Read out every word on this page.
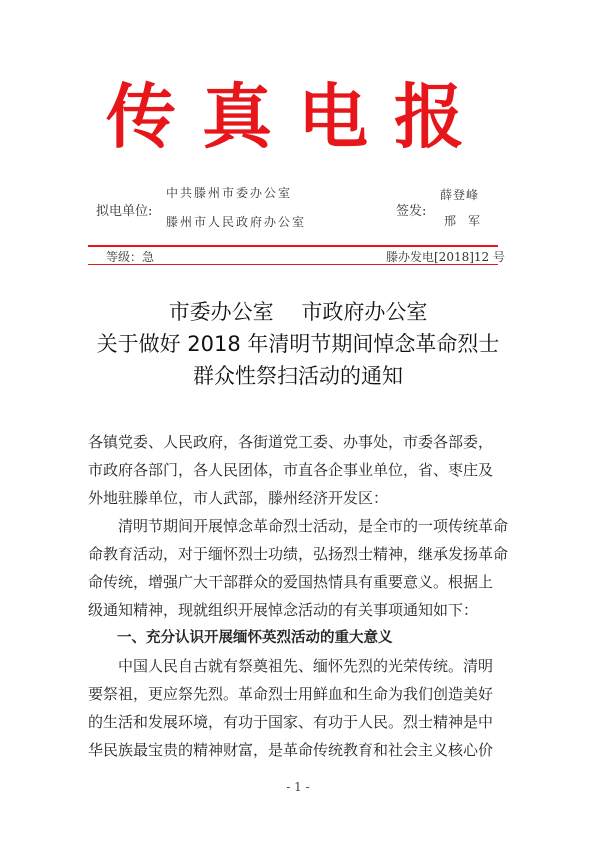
传真电报
拟电单位:
中共滕州市委办公室
滕州市人民政府办公室
签发:
薛登峰
邢　军
等级：急	滕办发电[2018]12 号
市委办公室　 市政府办公室
关于做好 2018 年清明节期间悼念革命烈士
群众性祭扫活动的通知
各镇党委、人民政府，各街道党工委、办事处，市委各部委，
市政府各部门，各人民团体，市直各企事业单位，省、枣庄及
外地驻滕单位，市人武部，滕州经济开发区：
　　清明节期间开展悼念革命烈士活动，是全市的一项传统革命
命教育活动，对于缅怀烈士功绩，弘扬烈士精神，继承发扬革命
命传统，增强广大干部群众的爱国热情具有重要意义。根据上
级通知精神，现就组织开展悼念活动的有关事项通知如下：
　　一、充分认识开展缅怀英烈活动的重大意义
　　中国人民自古就有祭奠祖先、缅怀先烈的光荣传统。清明
要祭祖，更应祭先烈。革命烈士用鲜血和生命为我们创造美好
的生活和发展环境，有功于国家、有功于人民。烈士精神是中
华民族最宝贵的精神财富，是革命传统教育和社会主义核心价
- 1 -
